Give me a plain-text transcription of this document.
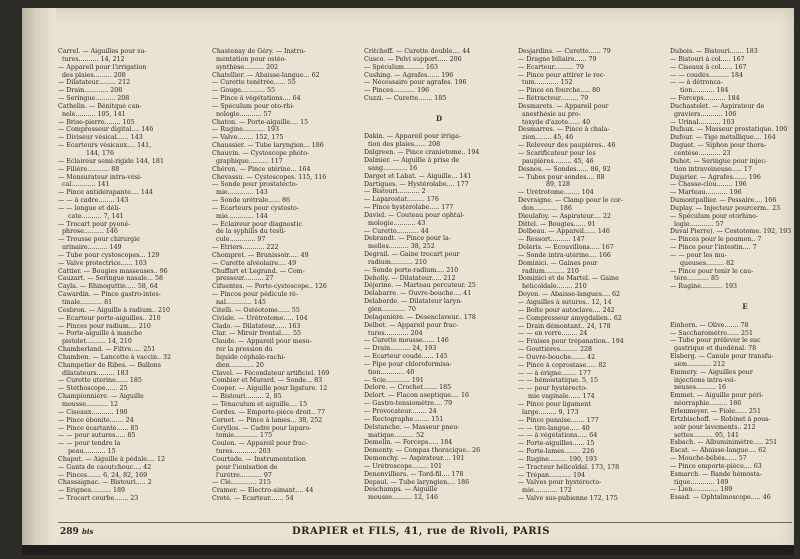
Carrel. — Aiguilles pour su-
tures.......... 14, 212
— Appareil pour l'irrigation
des plaies......... 208
— Dilatateur......... 212
— Drain............ 208
— Seringue.......... 208
Cathelin. — Bénitqué can-
nelé.......... 105, 141
— Brise-pierre........ 105
— Compresseur digital.... 146
— Diviseur vésical...... 143
— Écarteurs vésicaux.... 141,
144, 176
— Éclaireur semi-rigide 144, 181
— Filière........... 88
— Mensurateur intra-vési-
cal............ 141
— Pince antidérapante.... 144
— — à cadre........ 143
— — longue et déli-
cate.......... 7, 141
— Trocart pour pyoné-
phrose.......... 146
— Trousse pour chirurgie
urinaire.......... 149
— Tube pour cystoscopes... 129
— Valve protectrice...... 103
Cattier. — Bougies masseuses.. 96
Cauzart. — Seringue nasale... 58
Cayla. — Rhinoguttie..... 58, 64
Cawardin. — Pince gastro-intes-
tinale........... 81
Cesbron. — Aiguille à radium.. 210
— Écarteur porte-aiguilles.. 210
— Pinces pour radium.... 210
— Porte-aiguille à manche
pistolet.......... 14, 210
Chamberland. — Filtre..... 251
Chambon. — Lancette à vaccin.. 32
Champetier de Ribes. — Ballons
dilatateurs......... 183
— Curette utérine...... 185
— Stéthoscope...... 25
Championnière. — Aiguille
mousse........... 12
— Ciseaux........... 190
— Pince ébonite....... 24
— Pince écartante...... 85
— — pour sutures..... 85
— — pour tendre la
peau........... 15
Chaput. — Aiguille à pédale.... 12
— Gants de caoutchouc.... 42
— Pinces....... 6, 24, 82, 169
Chassaignac. — Bistouri..... 2
— Érignes.......... 189
— Trocart courbe....... 23
Chastenay de Géry. — Instru-
mentation pour ostéo-
synthèse.......... 202
Chatellier. — Abaisse-langue... 62
— Curette tenêtrée...... 55
— Gouge............ 55
— Pince à végétations.... 64
— Spéculum pour oto-rhi-
nologie........... 57
Chaton. — Porte-aiguille.... 15
— Rugine........... 193
— Valve........ 152, 175
Chaussier. — Tube laryngien... 186
Chauvin. — Cystoscope photo-
graphique.......... 117
Chéron. — Pince utérine... 164
Chevassu. — Cystoscopes. 115, 116
— Sonde pour prostatecto-
mie............. 143
— Sonde urétrale...... 86
— Écarteurs pour cystosto-
mie............. 144
— Éclaireur pour diagnostic
de la syphilis du testi-
cule............. 97
— Étriers........... 222
Chompret. — Brunissoir..... 49
— Curette alvéolaire.... 49
Chuffart et Legrand. — Com-
presseur.......... 27
Cifuentes. — Porte-cystoscope.. 126
— Pincos pour pédicule ré-
nal............. 145
Citelli. — Ostéotome...... 55
Civiale. — Urétrotome..... 104
Clado. — Dilatateur...... 163
Clar. — Miroir frontal..... 55
Claude. — Appareil pour mesu-
rer la pression du
liquide céphalo-rachi-
dien............ 20
Clavel. — Fécondateur artificiel. 169
Combier et Murard. — Sonde... 83
Cooper. — Aiguille pour ligature. 12
— Bistouri......... 2, 85
— Ténaculum et aiguille.... 15
Cordes. — Emporte-pièce droit.. 77
Cornet. — Pince à lames... 38, 252
Coryllos. — Cadre pour laparo-
tomie............ 175
Coulon. — Appareil pour frac-
tures............ 203
Courtade. — Instrumentation
pour l'ionisation de
l'urètre........... 97
— Clé............. 215
Cramer. — Électro-aimant.... 44
Creté. — Écarteur....... 54
Critcheff. — Curette double.... 44
Cusco. — Pelvi support..... 206
— Spéculum.......... 163
Cushing. — Agrafes...... 196
— Nécessaire pour agrafes. 196
— Pinces........... 196
Cuzzi. — Curette....... 185
D
Dakin. — Appareil pour irriga-
tion des plaies...... 208
Dalgreen. — Pince craniotome.. 194
Dalmier. — Aiguille à prise de
sang............ 16
Darget et Labat. — Aiguille... 141
Dartigues. — Hystérolabe.... 177
— Bistouri........... 2
— Laparostat......... 176
— Pince hystérolabe..... 177
Daviel. — Couteau pour ophtal-
mologie........... 43
— Curette........... 44
Debrandt. — Pince pour la-
melles.......... 38, 252
Degrail. — Gaine trocart pour
radium........... 210
— Sonde porte-radium.... 210
Deholly. — Dilatateur..... 212
Déjerine. — Marteau percuteur. 25
Delabarre. — Ouvre-bouche.... 41
Delaborde. — Dilatateur laryn-
gien............ 70
Delagenière. — Désenclaveur.. 178
Delbet. — Appareil pour frac-
tures............ 204
— Curette mousse...... 146
— Drain.......... 24, 193
— Écarteur coudé...... 145
— Pipe pour chloroformisa-
tion............ 40
— Scie............ 191
Delore. — Crochet....... 185
Delort. — Flacon aseptique.... 16
— Gastro-tensiomètre.... 79
— Provocateur........ 24
— Rectographe........ 151
Delstanche. — Masseur pneu-
matique.......... 52
Demelin. — Forceps..... 184
Dementy. — Compas thoracique.. 26
Demonchy. — Aspirateur.... 101
— Urétroscope........ 101
Denonvilliers. — Tord-fil.... 178
Depaul. — Tube laryngien.... 186
Deschamps. — Aiguille
mousse.......... 12, 146
Desjardins. — Curette...... 79
— Dragne biliaire...... 79
— Écarteur.......... 79
— Pince pour attirer le rec-
tum............ 152
— Pince en fourche..... 80
— Rétracteur......... 79
Desmarets. — Appareil pour
anesthésie au pro-
toxyde d'azote...... 40
Desmarres. — Pince à chala-
zion........ 45, 46
— Releveur des paupières.. 46
— Scarificateur pour les
paupières......... 45, 46
Desnos. — Sondes...... 86, 92
— Tubes pour sondes.... 88
89, 128
— Urétrotome........ 104
Devraigne. — Clamp pour le cor-
don............ 186
Dieulafoy. — Aspirateur.... 22
Dittel. — Bougies...... 91
Dolbeau. — Appareil...... 146
— Ressort.......... 147
Doléris. — Écouvillons..... 167
— Sonde intra-utérine.... 166
Dominici. — Gaines pour
radium.......... 210
Dominici et de Martel. — Gaine
hélicoïdale........ 210
Doyen. — Abaisse-langues.... 62
— Aiguilles à sutures.. 12, 14
— Boîte pour autoclave.... 242
— Compresseur amygdalien.. 62
— Drain démontant.. 24, 178
— — en verre........ 24
— Fraises pour trépanation.. 194
— Gouttières......... 228
— Ouvre-bouche....... 42
— Pince à coprostase..... 82
— — à érigne........ 177
— — hémostatique. 5, 15
— — pour hystérecto-
mie vaginale...... 174
— Pince pour ligament
large......... 9, 173
— Pince punaise....... 177
— — tire-langue..... 40
— — à végétations..... 64
— Porte-aiguilles...... 15
— Porte-lames........ 226
— Rugine......... 190, 193
— Tracteur hélicoïdal. 173, 178
— Trépan........... 194
— Valves pour hystérecto-
mie............ 172
— Valve sus-pubienne 172, 175
Dubois. — Bistouri....... 183
— Bistouri à col..... 167
— Ciseaux à col...... 167
— — coudés.......... 184
— — à détronca-
tion........... 184
— Forceps........... 184
Duchastelet. — Aspirateur de
graviers........... 106
— Urinal........... 103
Dufaux. — Masseur prostatique. 100
Dufour. — Tige métallique.... 164
Duguet. — Siphon pour thora-
centèse........... 23
Duhot. — Seringue pour injec-
tion intraveineuse..... 17
Dujarier. — Agrafes....... 196
— Chasse-clou........ 196
— Marteau........... 196
Dumontpallier. — Pessaire.... 166
Duplay. — Injecteur pourcerm.. 23
— Spéculum pour otorhino-
logie............ 57
Duval Pierre). — Costotome. 192, 193
— Pinces pour le poumon.. 7
— Pince pour l'intestin.... 7
— — pour les mu-
queuses......... 82
— Pince pour tenir le cau-
tère........... 85
— Rugine........... 193
E
Einhorn. — Olive....... 78
— Saccharomètre...... 251
— Tube pour prélever le suc
gastrique et duodénal. 78
Elsberg. — Canule pour transfu-
sion............ 212
Emmery. — Aiguilles pour
injections intra-vei-
neuses.......... 16
Emmet. — Aiguille pour péri-
néorraphie......... 186
Erlenmeyer. — Fiole...... 251
Ertzbischoff. — Robinet à pous-
soir pour lavements.. 212
settes.......... 95, 141
Esbach. — Albuminimètre..... 251
Escat. — Abaisse-langue.... 62
— Mouche-bébés...... 57
— Pince emporte-pièce.... 63
Esmarch. — Bande hémosta-
tique............ 189
— Lien............. 189
Essad. — Ophtalmoscope..... 46
289 bis	DRAPIER et FILS, 41, rue de Rivoli, PARIS
